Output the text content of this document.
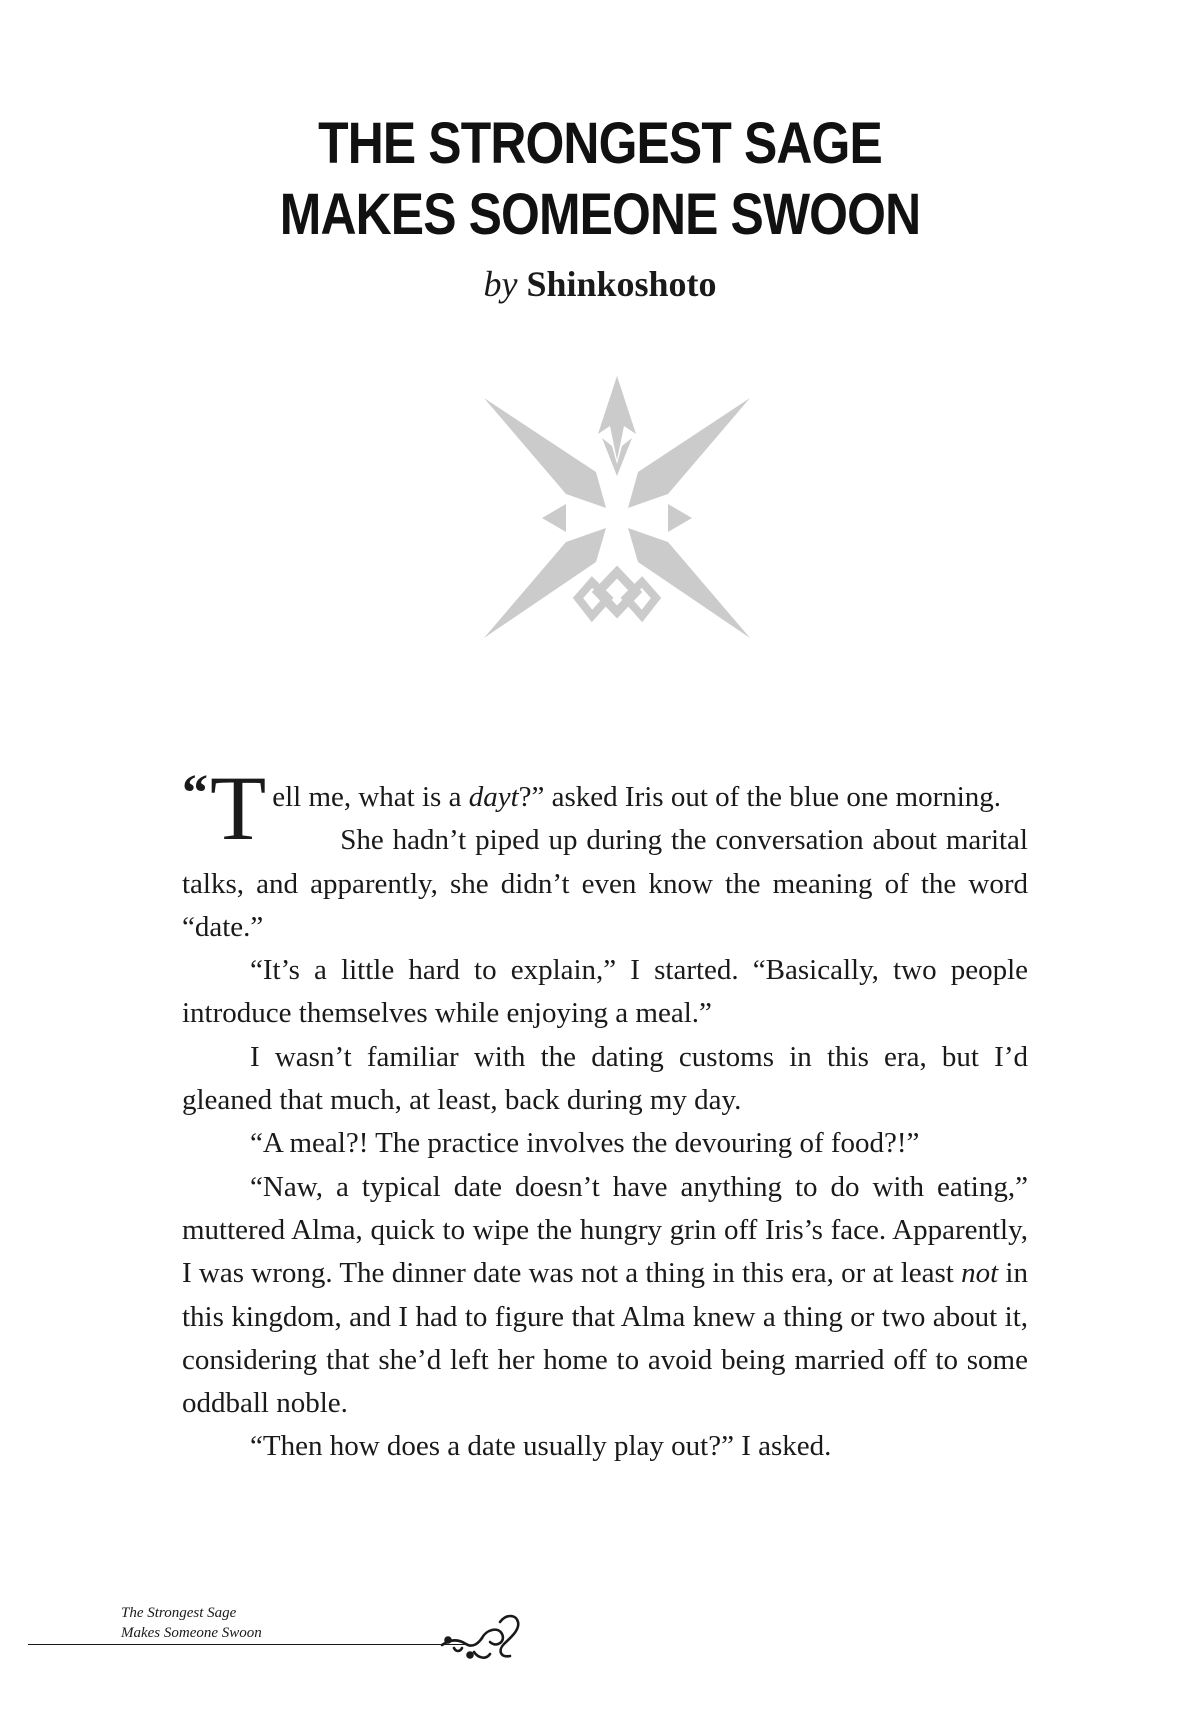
THE STRONGEST SAGE
MAKES SOMEONE SWOON
by Shinkoshoto

“T ell me, what is a dayt?” asked Iris out of the blue one morning.

She hadn’t piped up during the conversation about marital talks, and apparently, she didn’t even know the meaning of the word “date.”

“It’s a little hard to explain,” I started. “Basically, two people introduce themselves while enjoying a meal.”

I wasn’t familiar with the dating customs in this era, but I’d gleaned that much, at least, back during my day.

“A meal?! The practice involves the devouring of food?!”

“Naw, a typical date doesn’t have anything to do with eating,” muttered Alma, quick to wipe the hungry grin off Iris’s face. Apparently, I was wrong. The dinner date was not a thing in this era, or at least not in this kingdom, and I had to figure that Alma knew a thing or two about it, considering that she’d left her home to avoid being married off to some oddball noble.

“Then how does a date usually play out?” I asked.

The Strongest Sage
Makes Someone Swoon
